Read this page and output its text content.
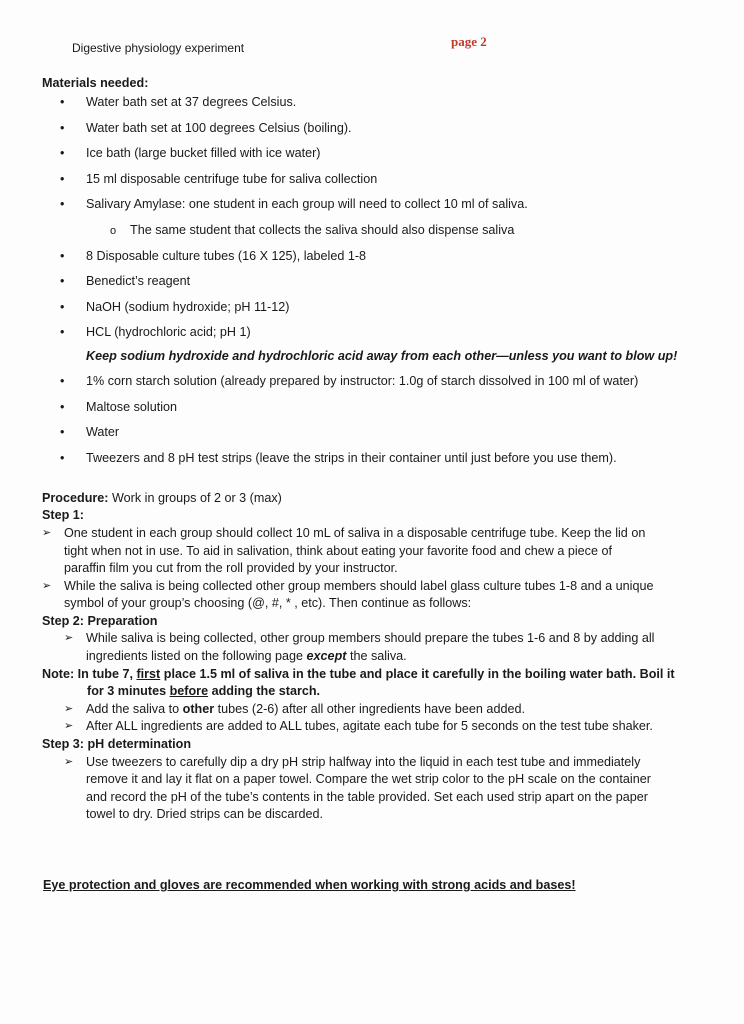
Digestive physiology experiment	page 2
Materials needed:
• Water bath set at 37 degrees Celsius.
• Water bath set at 100 degrees Celsius (boiling).
• Ice bath (large bucket filled with ice water)
• 15 ml disposable centrifuge tube for saliva collection
• Salivary Amylase: one student in each group will need to collect 10 ml of saliva.
o The same student that collects the saliva should also dispense saliva
• 8 Disposable culture tubes (16 X 125), labeled 1-8
• Benedict’s reagent
• NaOH (sodium hydroxide; pH 11-12)
• HCL (hydrochloric acid; pH 1)
Keep sodium hydroxide and hydrochloric acid away from each other—unless you want to blow up!
• 1% corn starch solution (already prepared by instructor: 1.0g of starch dissolved in 100 ml of water)
• Maltose solution
• Water
• Tweezers and 8 pH test strips (leave the strips in their container until just before you use them).
Procedure: Work in groups of 2 or 3 (max)
Step 1:
➢ One student in each group should collect 10 mL of saliva in a disposable centrifuge tube. Keep the lid on
tight when not in use. To aid in salivation, think about eating your favorite food and chew a piece of
paraffin film you cut from the roll provided by your instructor.
➢ While the saliva is being collected other group members should label glass culture tubes 1-8 and a unique
symbol of your group’s choosing (@, #, * , etc). Then continue as follows:
Step 2: Preparation
➢ While saliva is being collected, other group members should prepare the tubes 1-6 and 8 by adding all
ingredients listed on the following page except the saliva.
Note: In tube 7, first place 1.5 ml of saliva in the tube and place it carefully in the boiling water bath. Boil it
for 3 minutes before adding the starch.
➢ Add the saliva to other tubes (2-6) after all other ingredients have been added.
➢ After ALL ingredients are added to ALL tubes, agitate each tube for 5 seconds on the test tube shaker.
Step 3: pH determination
➢ Use tweezers to carefully dip a dry pH strip halfway into the liquid in each test tube and immediately
remove it and lay it flat on a paper towel. Compare the wet strip color to the pH scale on the container
and record the pH of the tube’s contents in the table provided. Set each used strip apart on the paper
towel to dry. Dried strips can be discarded.
Eye protection and gloves are recommended when working with strong acids and bases!
